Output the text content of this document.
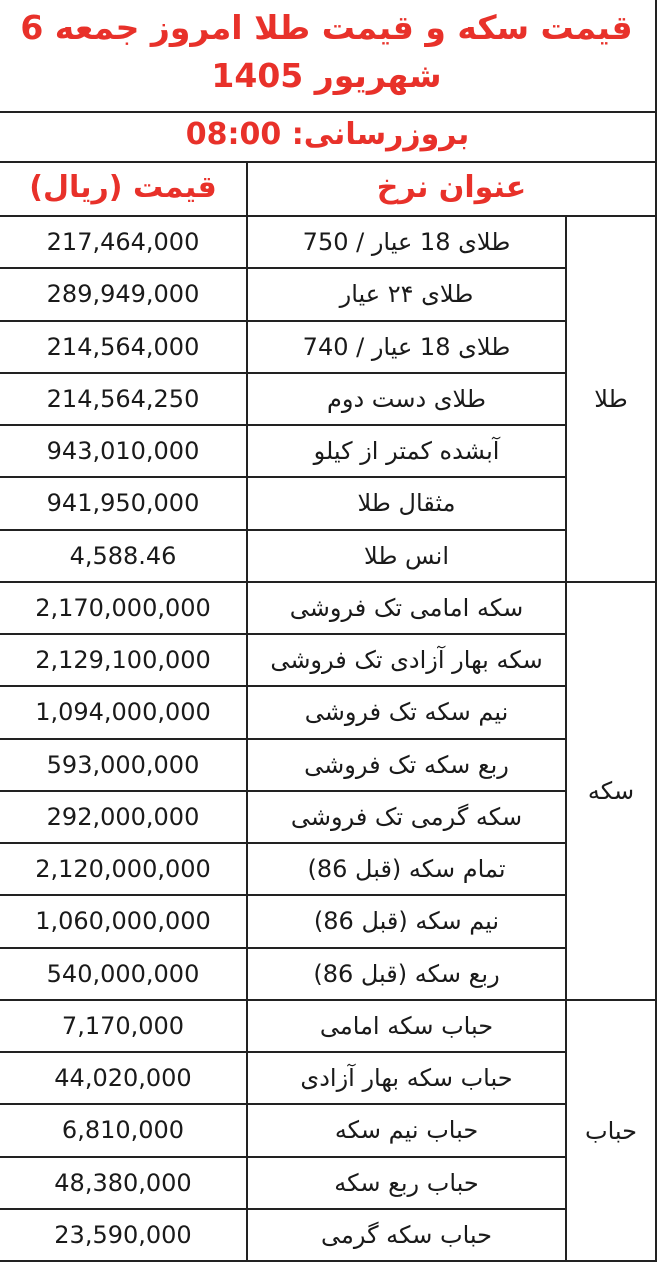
قیمت سکه و قیمت طلا امروز جمعه 6
شهریور 1405
بروزرسانی: 08:00
قیمت (ریال)	عنوان نرخ
217,464,000	طلای 18 عیار / 750
289,949,000	طلای ۲۴ عیار
214,564,000	طلای 18 عیار / 740
214,564,250	طلای دست دوم
943,010,000	آبشده کمتر از کیلو
941,950,000	مثقال طلا
4,588.46	انس طلا
طلا
2,170,000,000	سکه امامی تک فروشی
2,129,100,000	سکه بهار آزادی تک فروشی
1,094,000,000	نیم سکه تک فروشی
593,000,000	ربع سکه تک فروشی
292,000,000	سکه گرمی تک فروشی
2,120,000,000	تمام سکه (قبل 86)
1,060,000,000	نیم سکه (قبل 86)
540,000,000	ربع سکه (قبل 86)
سکه
7,170,000	حباب سکه امامی
44,020,000	حباب سکه بهار آزادی
6,810,000	حباب نیم سکه
48,380,000	حباب ربع سکه
23,590,000	حباب سکه گرمی
حباب
